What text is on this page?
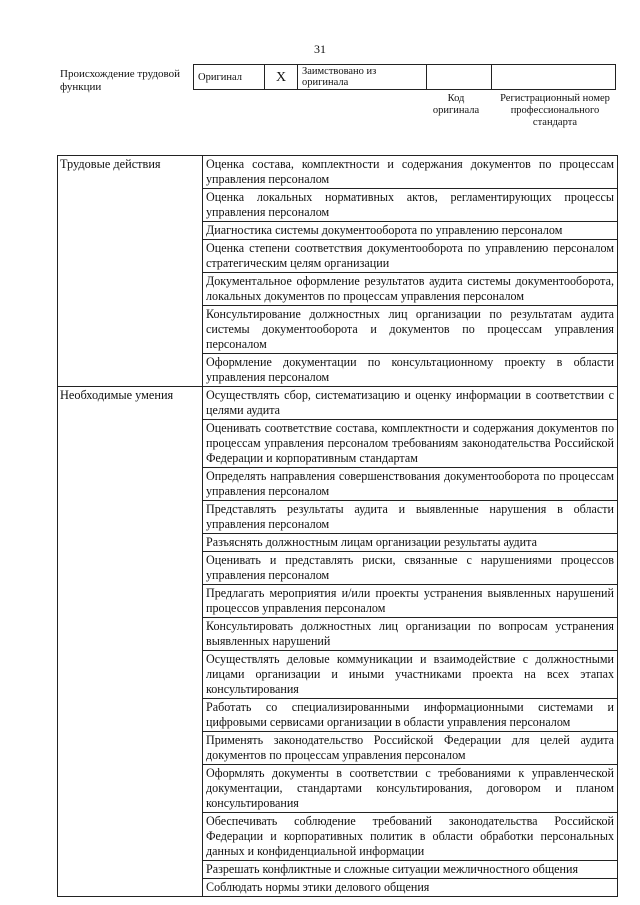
31
Происхождение трудовой функции
Оригинал	X	Заимствовано из оригинала		
Код оригинала
Регистрационный номер профессионального стандарта
Трудовые действия	Оценка состава, комплектности и содержания документов по процессам управления персоналом
	Оценка локальных нормативных актов, регламентирующих процессы управления персоналом
	Диагностика системы документооборота по управлению персоналом
	Оценка степени соответствия документооборота по управлению персоналом стратегическим целям организации
	Документальное оформление результатов аудита системы документооборота, локальных документов по процессам управления персоналом
	Консультирование должностных лиц организации по результатам аудита системы документооборота и документов по процессам управления персоналом
	Оформление документации по консультационному проекту в области управления персоналом
Необходимые умения	Осуществлять сбор, систематизацию и оценку информации в соответствии с целями аудита
	Оценивать соответствие состава, комплектности и содержания документов по процессам управления персоналом требованиям законодательства Российской Федерации и корпоративным стандартам
	Определять направления совершенствования документооборота по процессам управления персоналом
	Представлять результаты аудита и выявленные нарушения в области управления персоналом
	Разъяснять должностным лицам организации результаты аудита
	Оценивать и представлять риски, связанные с нарушениями процессов управления персоналом
	Предлагать мероприятия и/или проекты устранения выявленных нарушений процессов управления персоналом
	Консультировать должностных лиц организации по вопросам устранения выявленных нарушений
	Осуществлять деловые коммуникации и взаимодействие с должностными лицами организации и иными участниками проекта на всех этапах консультирования
	Работать со специализированными информационными системами и цифровыми сервисами организации в области управления персоналом
	Применять законодательство Российской Федерации для целей аудита документов по процессам управления персоналом
	Оформлять документы в соответствии с требованиями к управленческой документации, стандартами консультирования, договором и планом консультирования
	Обеспечивать соблюдение требований законодательства Российской Федерации и корпоративных политик в области обработки персональных данных и конфиденциальной информации
	Разрешать конфликтные и сложные ситуации межличностного общения
	Соблюдать нормы этики делового общения
